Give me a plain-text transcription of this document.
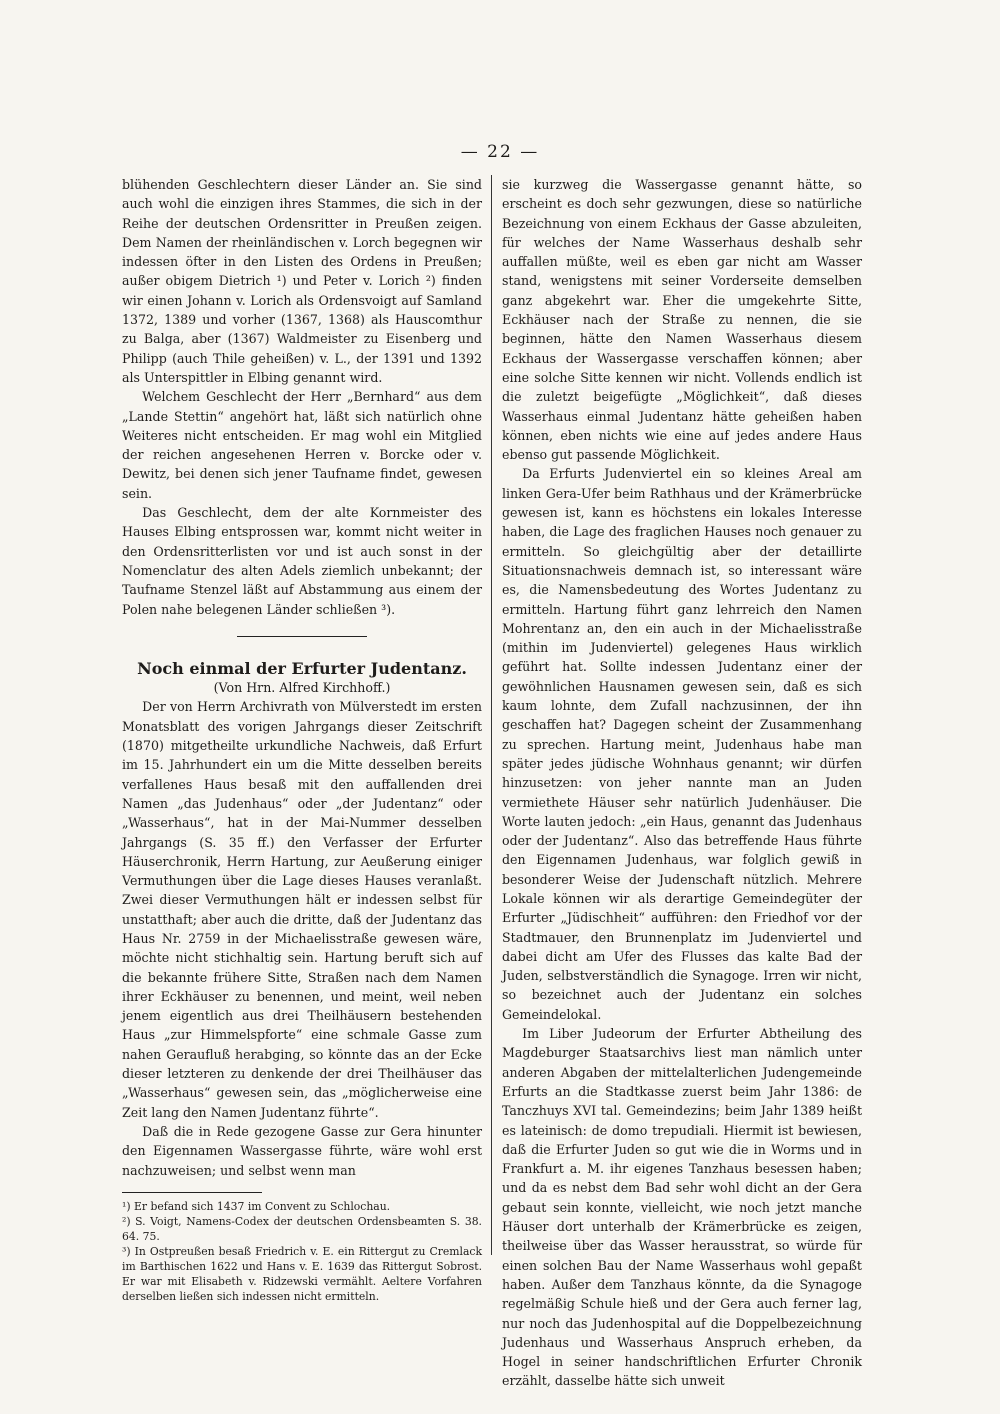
— 22 —

blühenden Geschlechtern dieser Länder an. Sie sind auch wohl die einzigen ihres Stammes, die sich in der Reihe der deutschen Ordensritter in Preußen zeigen. Dem Namen der rheinländischen v. Lorch begegnen wir indessen öfter in den Listen des Ordens in Preußen; außer obigem Dietrich ¹) und Peter v. Lorich ²) finden wir einen Johann v. Lorich als Ordensvoigt auf Samland 1372, 1389 und vorher (1367, 1368) als Hauscomthur zu Balga, aber (1367) Waldmeister zu Eisenberg und Philipp (auch Thile geheißen) v. L., der 1391 und 1392 als Unterspittler in Elbing genannt wird.

Welchem Geschlecht der Herr „Bernhard“ aus dem „Lande Stettin“ angehört hat, läßt sich natürlich ohne Weiteres nicht entscheiden. Er mag wohl ein Mitglied der reichen angesehenen Herren v. Borcke oder v. Dewitz, bei denen sich jener Taufname findet, gewesen sein.

Das Geschlecht, dem der alte Kornmeister des Hauses Elbing entsprossen war, kommt nicht weiter in den Ordensritterlisten vor und ist auch sonst in der Nomenclatur des alten Adels ziemlich unbekannt; der Taufname Stenzel läßt auf Abstammung aus einem der Polen nahe belegenen Länder schließen ³).

Noch einmal der Erfurter Judentanz.

(Von Hrn. Alfred Kirchhoff.)

Der von Herrn Archivrath von Mülverstedt im ersten Monatsblatt des vorigen Jahrgangs dieser Zeitschrift (1870) mitgetheilte urkundliche Nachweis, daß Erfurt im 15. Jahrhundert ein um die Mitte desselben bereits verfallenes Haus besaß mit den auffallenden drei Namen „das Judenhaus“ oder „der Judentanz“ oder „Wasserhaus“, hat in der Mai-Nummer desselben Jahrgangs (S. 35 ff.) den Verfasser der Erfurter Häuserchronik, Herrn Hartung, zur Aeußerung einiger Vermuthungen über die Lage dieses Hauses veranlaßt. Zwei dieser Vermuthungen hält er indessen selbst für unstatthaft; aber auch die dritte, daß der Judentanz das Haus Nr. 2759 in der Michaelisstraße gewesen wäre, möchte nicht stichhaltig sein. Hartung beruft sich auf die bekannte frühere Sitte, Straßen nach dem Namen ihrer Eckhäuser zu benennen, und meint, weil neben jenem eigentlich aus drei Theilhäusern bestehenden Haus „zur Himmelspforte“ eine schmale Gasse zum nahen Geraufluß herabging, so könnte das an der Ecke dieser letzteren zu denkende der drei Theilhäuser das „Wasserhaus“ gewesen sein, das „möglicherweise eine Zeit lang den Namen Judentanz führte“.

Daß die in Rede gezogene Gasse zur Gera hinunter den Eigennamen Wassergasse führte, wäre wohl erst nachzuweisen; und selbst wenn man

¹) Er befand sich 1437 im Convent zu Schlochau.

²) S. Voigt, Namens-Codex der deutschen Ordensbeamten S. 38. 64. 75.

³) In Ostpreußen besaß Friedrich v. E. ein Rittergut zu Cremlack im Barthischen 1622 und Hans v. E. 1639 das Rittergut Sobrost. Er war mit Elisabeth v. Ridzewski vermählt. Aeltere Vorfahren derselben ließen sich indessen nicht ermitteln.

sie kurzweg die Wassergasse genannt hätte, so erscheint es doch sehr gezwungen, diese so natürliche Bezeichnung von einem Eckhaus der Gasse abzuleiten, für welches der Name Wasserhaus deshalb sehr auffallen müßte, weil es eben gar nicht am Wasser stand, wenigstens mit seiner Vorderseite demselben ganz abgekehrt war. Eher die umgekehrte Sitte, Eckhäuser nach der Straße zu nennen, die sie beginnen, hätte den Namen Wasserhaus diesem Eckhaus der Wassergasse verschaffen können; aber eine solche Sitte kennen wir nicht. Vollends endlich ist die zuletzt beigefügte „Möglichkeit“, daß dieses Wasserhaus einmal Judentanz hätte geheißen haben können, eben nichts wie eine auf jedes andere Haus ebenso gut passende Möglichkeit.

Da Erfurts Judenviertel ein so kleines Areal am linken Gera-Ufer beim Rathhaus und der Krämerbrücke gewesen ist, kann es höchstens ein lokales Interesse haben, die Lage des fraglichen Hauses noch genauer zu ermitteln. So gleichgültig aber der detaillirte Situationsnachweis demnach ist, so interessant wäre es, die Namensbedeutung des Wortes Judentanz zu ermitteln. Hartung führt ganz lehrreich den Namen Mohrentanz an, den ein auch in der Michaelisstraße (mithin im Judenviertel) gelegenes Haus wirklich geführt hat. Sollte indessen Judentanz einer der gewöhnlichen Hausnamen gewesen sein, daß es sich kaum lohnte, dem Zufall nachzusinnen, der ihn geschaffen hat? Dagegen scheint der Zusammenhang zu sprechen. Hartung meint, Judenhaus habe man später jedes jüdische Wohnhaus genannt; wir dürfen hinzusetzen: von jeher nannte man an Juden vermiethete Häuser sehr natürlich Judenhäuser. Die Worte lauten jedoch: „ein Haus, genannt das Judenhaus oder der Judentanz“. Also das betreffende Haus führte den Eigennamen Judenhaus, war folglich gewiß in besonderer Weise der Judenschaft nützlich. Mehrere Lokale können wir als derartige Gemeindegüter der Erfurter „Jüdischheit“ aufführen: den Friedhof vor der Stadtmauer, den Brunnenplatz im Judenviertel und dabei dicht am Ufer des Flusses das kalte Bad der Juden, selbstverständlich die Synagoge. Irren wir nicht, so bezeichnet auch der Judentanz ein solches Gemeindelokal.

Im Liber Judeorum der Erfurter Abtheilung des Magdeburger Staatsarchivs liest man nämlich unter anderen Abgaben der mittelalterlichen Judengemeinde Erfurts an die Stadtkasse zuerst beim Jahr 1386: de Tanczhuys XVI tal. Gemeindezins; beim Jahr 1389 heißt es lateinisch: de domo trepudiali. Hiermit ist bewiesen, daß die Erfurter Juden so gut wie die in Worms und in Frankfurt a. M. ihr eigenes Tanzhaus besessen haben; und da es nebst dem Bad sehr wohl dicht an der Gera gebaut sein konnte, vielleicht, wie noch jetzt manche Häuser dort unterhalb der Krämerbrücke es zeigen, theilweise über das Wasser herausstrat, so würde für einen solchen Bau der Name Wasserhaus wohl gepaßt haben. Außer dem Tanzhaus könnte, da die Synagoge regelmäßig Schule hieß und der Gera auch ferner lag, nur noch das Judenhospital auf die Doppelbezeichnung Judenhaus und Wasserhaus Anspruch erheben, da Hogel in seiner handschriftlichen Erfurter Chronik erzählt, dasselbe hätte sich unweit
